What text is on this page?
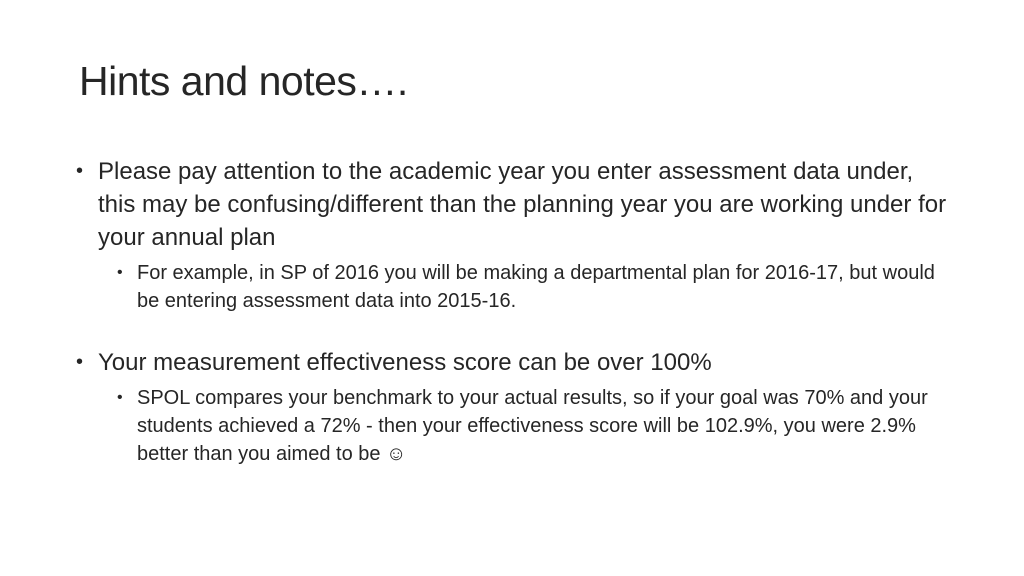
Hints and notes….
• Please pay attention to the academic year you enter assessment data under, this may be confusing/different than the planning year you are working under for your annual plan
• For example, in SP of 2016 you will be making a departmental plan for 2016-17, but would be entering assessment data into 2015-16.
• Your measurement effectiveness score can be over 100%
• SPOL compares your benchmark to your actual results, so if your goal was 70% and your students achieved a 72% - then your effectiveness score will be 102.9%, you were 2.9% better than you aimed to be ☺
